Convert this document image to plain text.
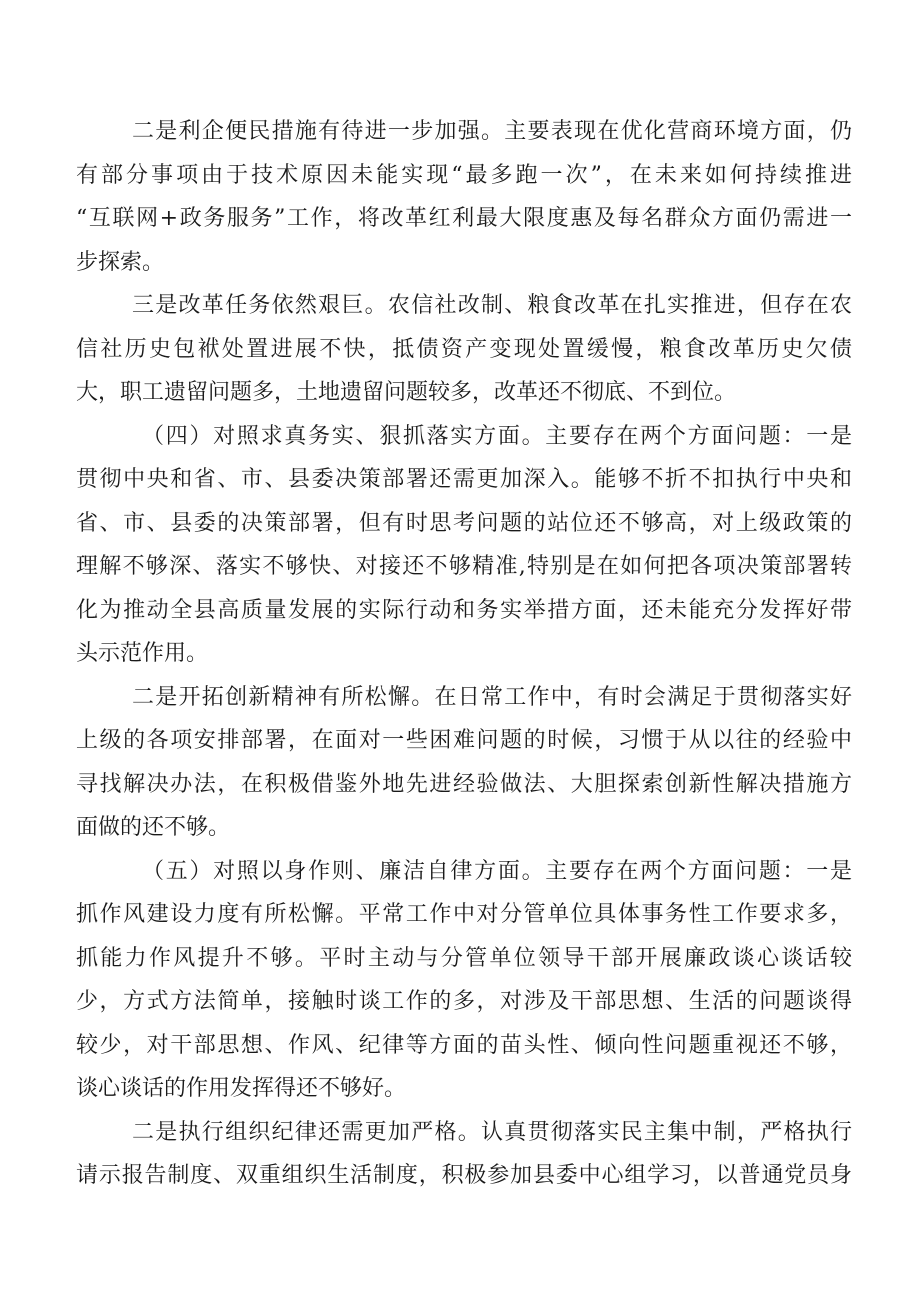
二是利企便民措施有待进一步加强。主要表现在优化营商环境方面，仍
有部分事项由于技术原因未能实现“最多跑一次”，在未来如何持续推进
“互联网+政务服务”工作，将改革红利最大限度惠及每名群众方面仍需进一
步探索。
三是改革任务依然艰巨。农信社改制、粮食改革在扎实推进，但存在农
信社历史包袱处置进展不快，抵债资产变现处置缓慢，粮食改革历史欠债
大，职工遗留问题多，土地遗留问题较多，改革还不彻底、不到位。
（四）对照求真务实、狠抓落实方面。主要存在两个方面问题：一是
贯彻中央和省、市、县委决策部署还需更加深入。能够不折不扣执行中央和
省、市、县委的决策部署，但有时思考问题的站位还不够高，对上级政策的
理解不够深、落实不够快、对接还不够精准,特别是在如何把各项决策部署转
化为推动全县高质量发展的实际行动和务实举措方面，还未能充分发挥好带
头示范作用。
二是开拓创新精神有所松懈。在日常工作中，有时会满足于贯彻落实好
上级的各项安排部署，在面对一些困难问题的时候，习惯于从以往的经验中
寻找解决办法，在积极借鉴外地先进经验做法、大胆探索创新性解决措施方
面做的还不够。
（五）对照以身作则、廉洁自律方面。主要存在两个方面问题：一是
抓作风建设力度有所松懈。平常工作中对分管单位具体事务性工作要求多，
抓能力作风提升不够。平时主动与分管单位领导干部开展廉政谈心谈话较
少，方式方法简单，接触时谈工作的多，对涉及干部思想、生活的问题谈得
较少，对干部思想、作风、纪律等方面的苗头性、倾向性问题重视还不够，
谈心谈话的作用发挥得还不够好。
二是执行组织纪律还需更加严格。认真贯彻落实民主集中制，严格执行
请示报告制度、双重组织生活制度，积极参加县委中心组学习，以普通党员身
